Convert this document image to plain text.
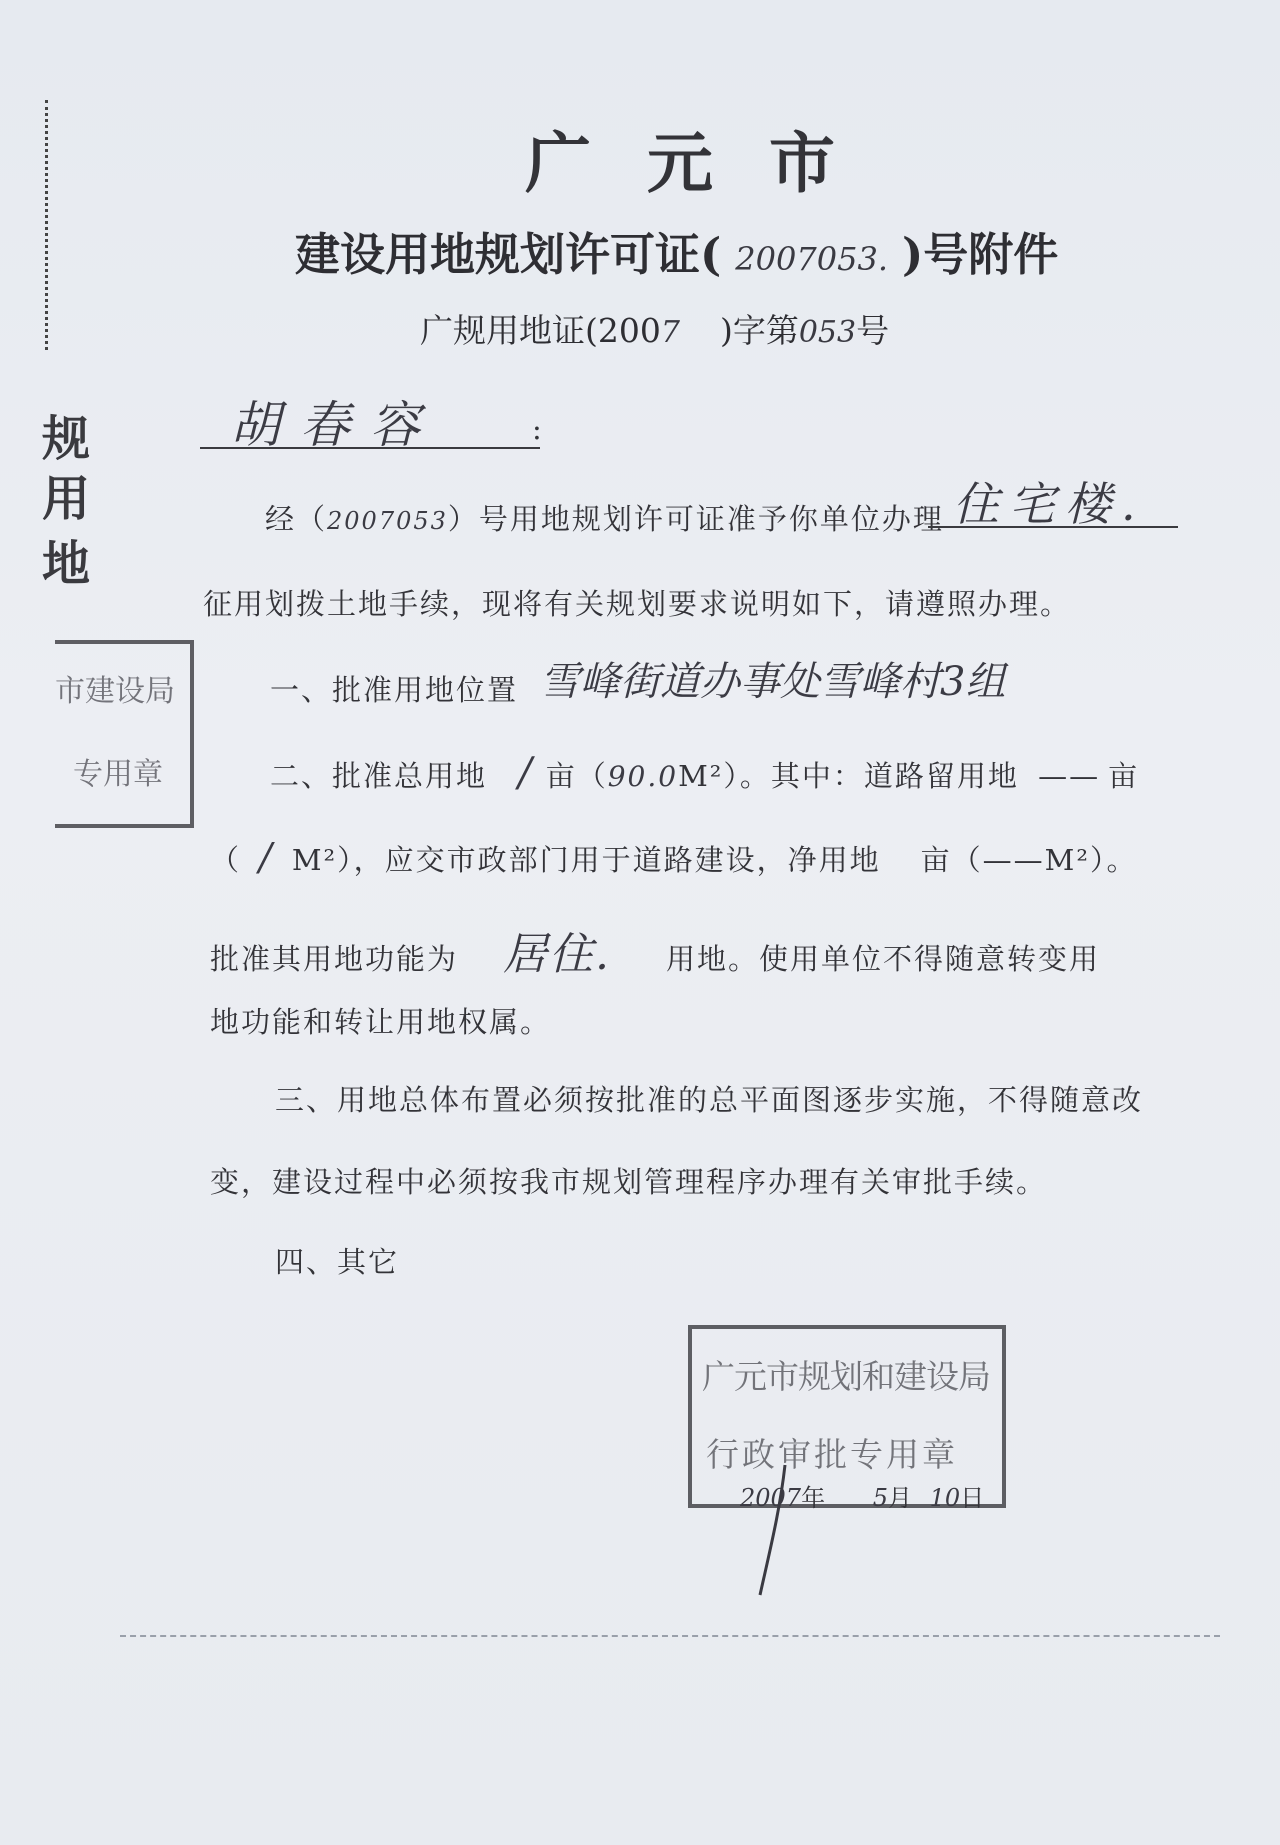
规
用
地
市建设局
专用章
广元市
建设用地规划许可证( 2007053. )号附件
广规用地证(2007 )字第053号
胡春容	:
经（2007053）号用地规划许可证准予你单位办理 住宅楼.
征用划拨土地手续，现将有关规划要求说明如下，请遵照办理。
一、批准用地位置 雪峰街道办事处雪峰村3组
二、批准总用地 / 亩（90.0M²）。其中：道路留用地 —— 亩
（ / M²），应交市政部门用于道路建设，净用地 亩（——M²）。
批准其用地功能为 居住. 用地。使用单位不得随意转变用
地功能和转让用地权属。
三、用地总体布置必须按批准的总平面图逐步实施，不得随意改
变，建设过程中必须按我市规划管理程序办理有关审批手续。
四、其它
广元市规划和建设局
行政审批专用章
2007年 5月 10日
